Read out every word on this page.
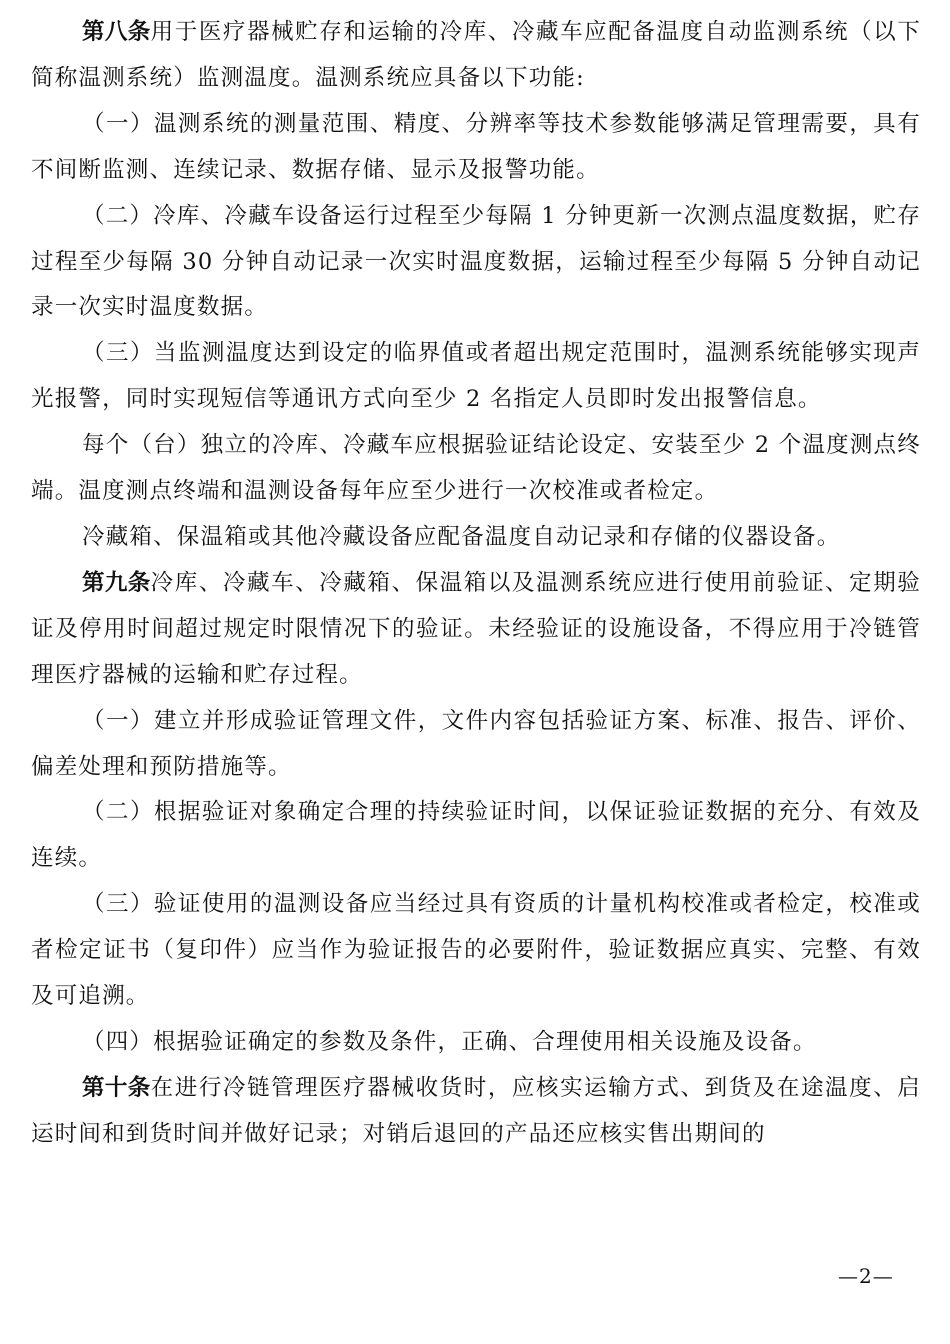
第八条用于医疗器械贮存和运输的冷库、冷藏车应配备温度自动监测系统（以下简称温测系统）监测温度。温测系统应具备以下功能:

（一）温测系统的测量范围、精度、分辨率等技术参数能够满足管理需要，具有不间断监测、连续记录、数据存储、显示及报警功能。

（二）冷库、冷藏车设备运行过程至少每隔 1 分钟更新一次测点温度数据，贮存过程至少每隔 30 分钟自动记录一次实时温度数据，运输过程至少每隔 5 分钟自动记录一次实时温度数据。

（三）当监测温度达到设定的临界值或者超出规定范围时，温测系统能够实现声光报警，同时实现短信等通讯方式向至少 2 名指定人员即时发出报警信息。

每个（台）独立的冷库、冷藏车应根据验证结论设定、安装至少 2 个温度测点终端。温度测点终端和温测设备每年应至少进行一次校准或者检定。

冷藏箱、保温箱或其他冷藏设备应配备温度自动记录和存储的仪器设备。

第九条冷库、冷藏车、冷藏箱、保温箱以及温测系统应进行使用前验证、定期验证及停用时间超过规定时限情况下的验证。未经验证的设施设备，不得应用于冷链管理医疗器械的运输和贮存过程。

（一）建立并形成验证管理文件，文件内容包括验证方案、标准、报告、评价、偏差处理和预防措施等。

（二）根据验证对象确定合理的持续验证时间，以保证验证数据的充分、有效及连续。

（三）验证使用的温测设备应当经过具有资质的计量机构校准或者检定，校准或者检定证书（复印件）应当作为验证报告的必要附件，验证数据应真实、完整、有效及可追溯。

（四）根据验证确定的参数及条件，正确、合理使用相关设施及设备。

第十条在进行冷链管理医疗器械收货时，应核实运输方式、到货及在途温度、启运时间和到货时间并做好记录；对销后退回的产品还应核实售出期间的

—2—
